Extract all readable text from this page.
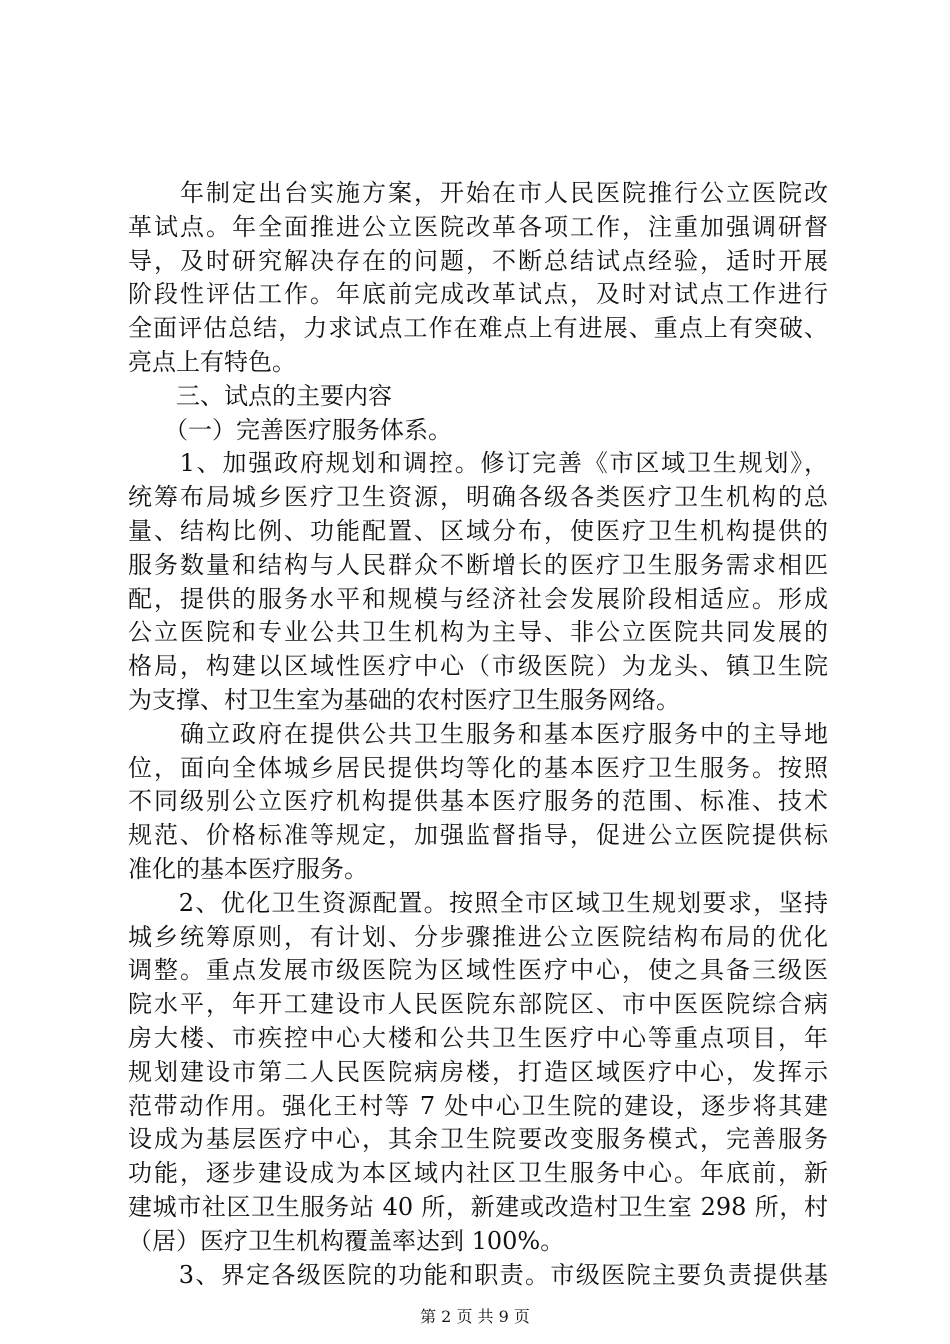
　　年制定出台实施方案，开始在市人民医院推行公立医院改
革试点。年全面推进公立医院改革各项工作，注重加强调研督
导，及时研究解决存在的问题，不断总结试点经验，适时开展
阶段性评估工作。年底前完成改革试点，及时对试点工作进行
全面评估总结，力求试点工作在难点上有进展、重点上有突破、
亮点上有特色。
　　三、试点的主要内容
　　（一）完善医疗服务体系。
　　1、加强政府规划和调控。修订完善《市区域卫生规划》，
统筹布局城乡医疗卫生资源，明确各级各类医疗卫生机构的总
量、结构比例、功能配置、区域分布，使医疗卫生机构提供的
服务数量和结构与人民群众不断增长的医疗卫生服务需求相匹
配，提供的服务水平和规模与经济社会发展阶段相适应。形成
公立医院和专业公共卫生机构为主导、非公立医院共同发展的
格局，构建以区域性医疗中心（市级医院）为龙头、镇卫生院
为支撑、村卫生室为基础的农村医疗卫生服务网络。
　　确立政府在提供公共卫生服务和基本医疗服务中的主导地
位，面向全体城乡居民提供均等化的基本医疗卫生服务。按照
不同级别公立医疗机构提供基本医疗服务的范围、标准、技术
规范、价格标准等规定，加强监督指导，促进公立医院提供标
准化的基本医疗服务。
　　2、优化卫生资源配置。按照全市区域卫生规划要求，坚持
城乡统筹原则，有计划、分步骤推进公立医院结构布局的优化
调整。重点发展市级医院为区域性医疗中心，使之具备三级医
院水平，年开工建设市人民医院东部院区、市中医医院综合病
房大楼、市疾控中心大楼和公共卫生医疗中心等重点项目，年
规划建设市第二人民医院病房楼，打造区域医疗中心，发挥示
范带动作用。强化王村等 7 处中心卫生院的建设，逐步将其建
设成为基层医疗中心，其余卫生院要改变服务模式，完善服务
功能，逐步建设成为本区域内社区卫生服务中心。年底前，新
建城市社区卫生服务站 40 所，新建或改造村卫生室 298 所，村
（居）医疗卫生机构覆盖率达到 100%。
　　3、界定各级医院的功能和职责。市级医院主要负责提供基
第 2 页 共 9 页
